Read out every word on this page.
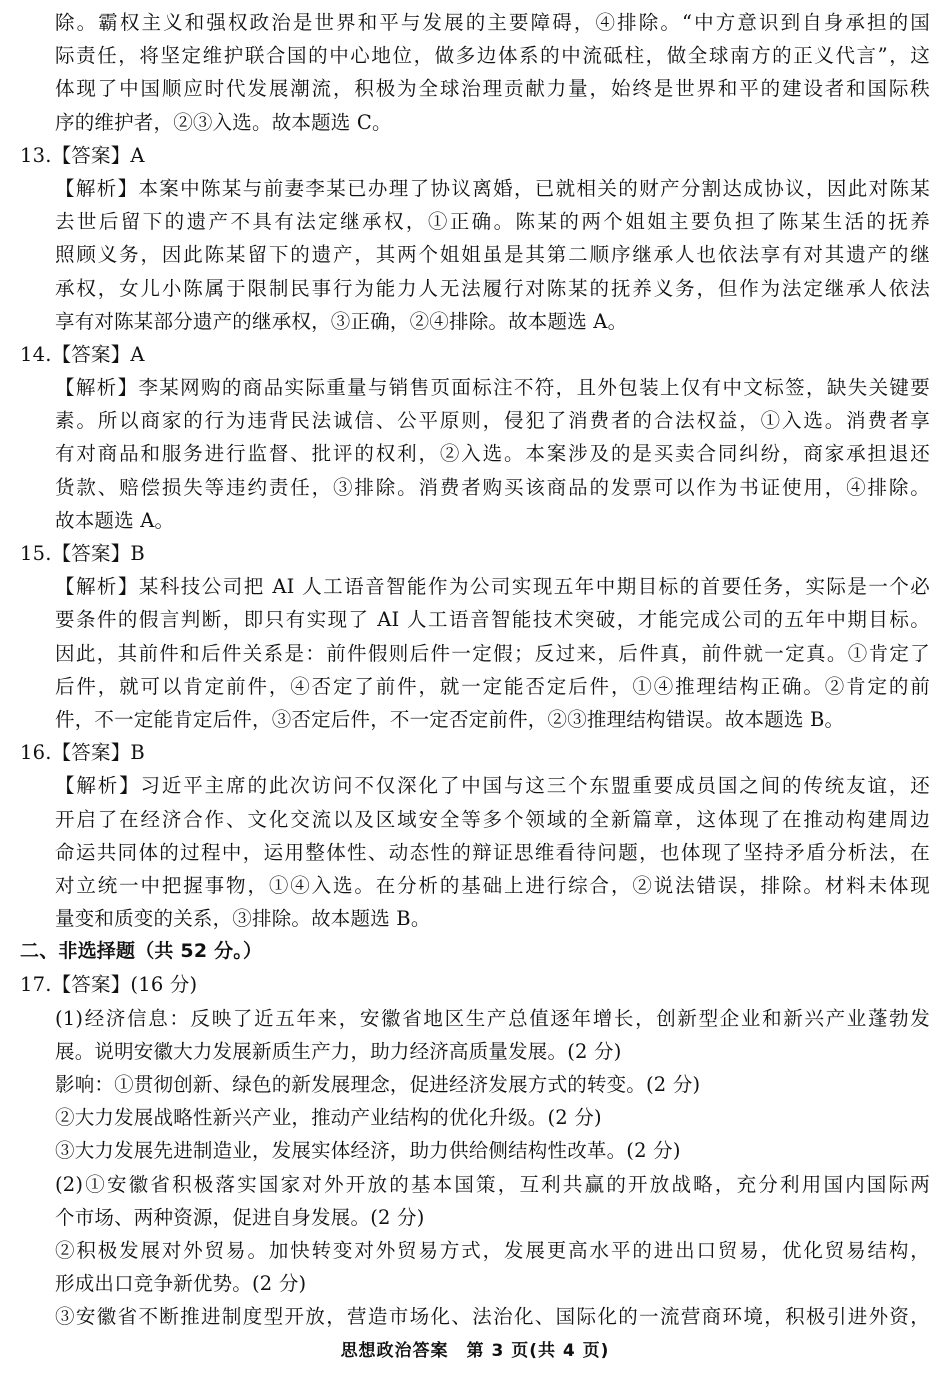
除。霸权主义和强权政治是世界和平与发展的主要障碍，④排除。“中方意识到自身承担的国
际责任，将坚定维护联合国的中心地位，做多边体系的中流砥柱，做全球南方的正义代言”，这
体现了中国顺应时代发展潮流，积极为全球治理贡献力量，始终是世界和平的建设者和国际秩
序的维护者，②③入选。故本题选 C。
13.【答案】A
【解析】本案中陈某与前妻李某已办理了协议离婚，已就相关的财产分割达成协议，因此对陈某
去世后留下的遗产不具有法定继承权，①正确。陈某的两个姐姐主要负担了陈某生活的抚养
照顾义务，因此陈某留下的遗产，其两个姐姐虽是其第二顺序继承人也依法享有对其遗产的继
承权，女儿小陈属于限制民事行为能力人无法履行对陈某的抚养义务，但作为法定继承人依法
享有对陈某部分遗产的继承权，③正确，②④排除。故本题选 A。
14.【答案】A
【解析】李某网购的商品实际重量与销售页面标注不符，且外包装上仅有中文标签，缺失关键要
素。所以商家的行为违背民法诚信、公平原则，侵犯了消费者的合法权益，①入选。消费者享
有对商品和服务进行监督、批评的权利，②入选。本案涉及的是买卖合同纠纷，商家承担退还
货款、赔偿损失等违约责任，③排除。消费者购买该商品的发票可以作为书证使用，④排除。
故本题选 A。
15.【答案】B
【解析】某科技公司把 AI 人工语音智能作为公司实现五年中期目标的首要任务，实际是一个必
要条件的假言判断，即只有实现了 AI 人工语音智能技术突破，才能完成公司的五年中期目标。
因此，其前件和后件关系是：前件假则后件一定假；反过来，后件真，前件就一定真。①肯定了
后件，就可以肯定前件，④否定了前件，就一定能否定后件，①④推理结构正确。②肯定的前
件，不一定能肯定后件，③否定后件，不一定否定前件，②③推理结构错误。故本题选 B。
16.【答案】B
【解析】习近平主席的此次访问不仅深化了中国与这三个东盟重要成员国之间的传统友谊，还
开启了在经济合作、文化交流以及区域安全等多个领域的全新篇章，这体现了在推动构建周边
命运共同体的过程中，运用整体性、动态性的辩证思维看待问题，也体现了坚持矛盾分析法，在
对立统一中把握事物，①④入选。在分析的基础上进行综合，②说法错误，排除。材料未体现
量变和质变的关系，③排除。故本题选 B。
二、非选择题（共 52 分。）
17.【答案】(16 分)
(1)经济信息：反映了近五年来，安徽省地区生产总值逐年增长，创新型企业和新兴产业蓬勃发
展。说明安徽大力发展新质生产力，助力经济高质量发展。(2 分)
影响：①贯彻创新、绿色的新发展理念，促进经济发展方式的转变。(2 分)
②大力发展战略性新兴产业，推动产业结构的优化升级。(2 分)
③大力发展先进制造业，发展实体经济，助力供给侧结构性改革。(2 分)
(2)①安徽省积极落实国家对外开放的基本国策，互利共赢的开放战略，充分利用国内国际两
个市场、两种资源，促进自身发展。(2 分)
②积极发展对外贸易。加快转变对外贸易方式，发展更高水平的进出口贸易，优化贸易结构，
形成出口竞争新优势。(2 分)
③安徽省不断推进制度型开放，营造市场化、法治化、国际化的一流营商环境，积极引进外资，
思想政治答案　第 3 页(共 4 页)
